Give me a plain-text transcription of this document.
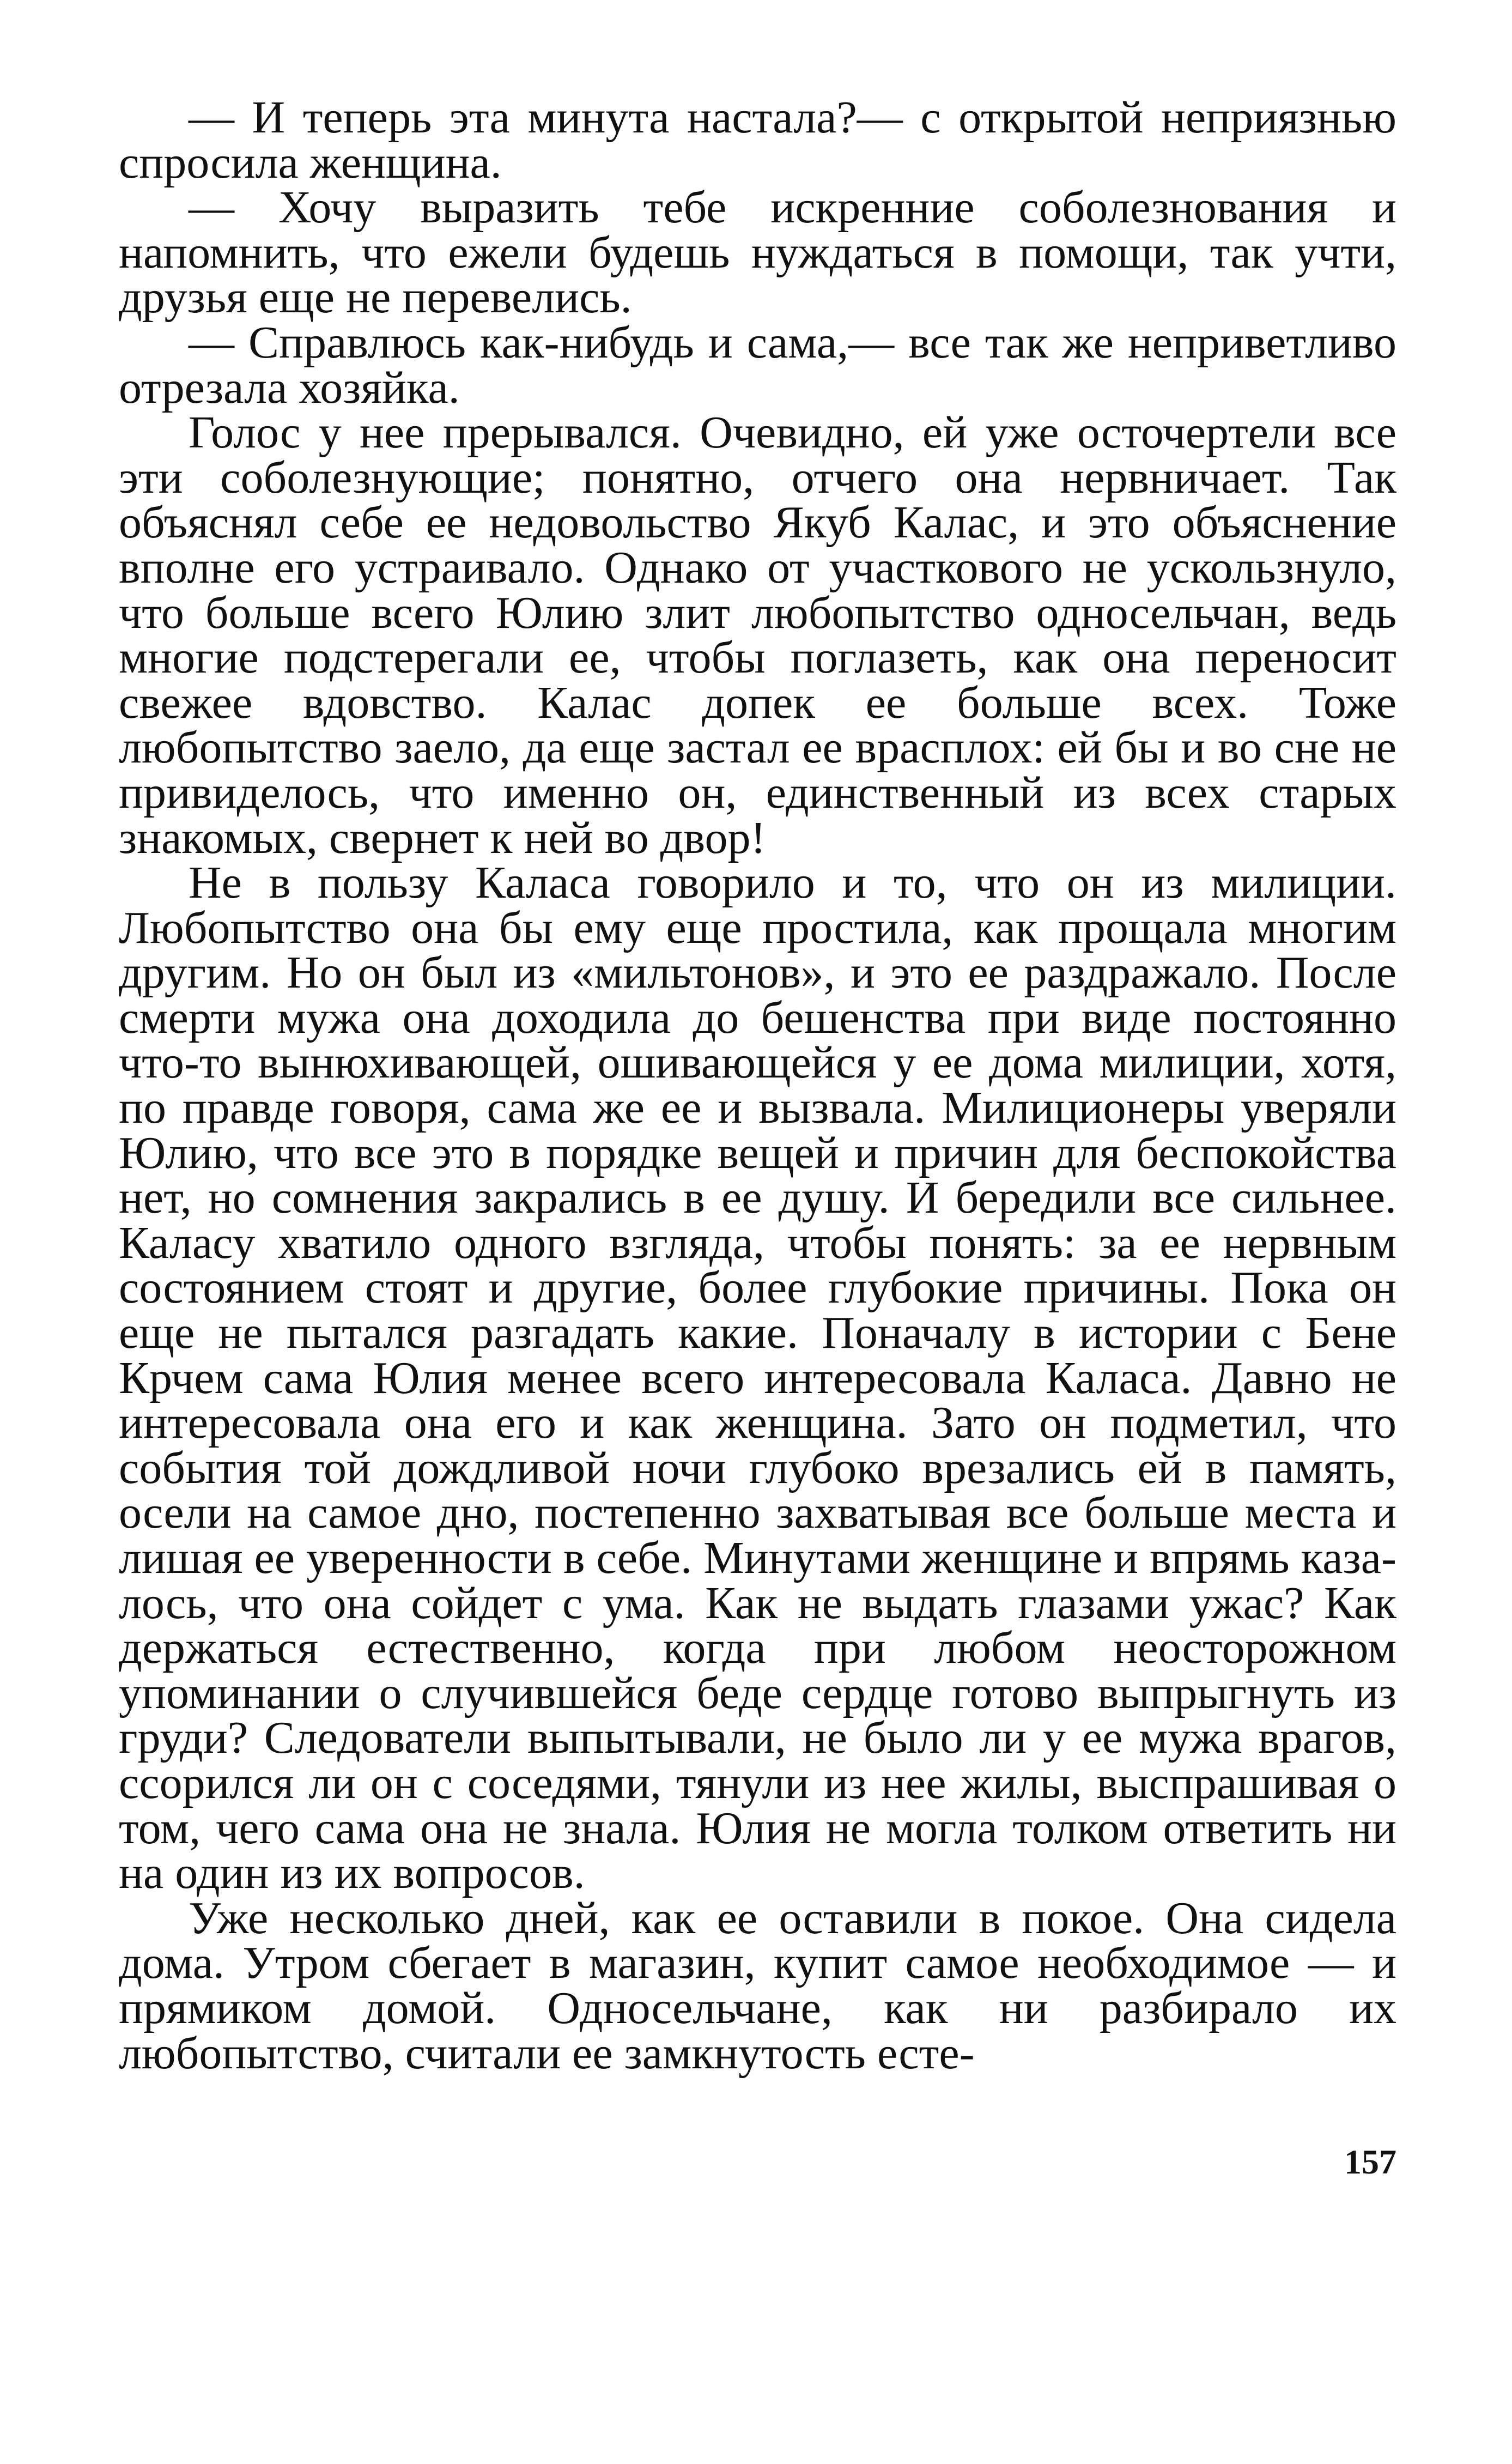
— И теперь эта минута настала?— с открытой неприязнью спросила женщина.

— Хочу выразить тебе искренние соболезнования и напомнить, что ежели будешь нуждаться в помощи, так учти, друзья еще не перевелись.

— Справлюсь как-нибудь и сама,— все так же неприветливо отрезала хозяйка.

Голос у нее прерывался. Очевидно, ей уже осточертели все эти соболезнующие; понятно, отчего она нервничает. Так объяснял себе ее недовольство Якуб Калас, и это объяснение вполне его устраивало. Однако от участкового не ускользнуло, что больше всего Юлию злит любопытство односельчан, ведь многие подстерегали ее, чтобы поглазеть, как она переносит свежее вдовство. Калас допек ее больше всех. Тоже любопытство заело, да еще застал ее врасплох: ей бы и во сне не привиделось, что именно он, единственный из всех старых знакомых, свернет к ней во двор!

Не в пользу Каласа говорило и то, что он из милиции. Любопытство она бы ему еще простила, как прощала многим другим. Но он был из «мильтонов», и это ее раздражало. После смерти мужа она доходила до бешенства при виде постоянно что-то вынюхивающей, ошивающейся у ее дома милиции, хотя, по правде говоря, сама же ее и вызвала. Милиционеры уверяли Юлию, что все это в порядке вещей и причин для беспокойства нет, но сомнения закрались в ее душу. И бередили все сильнее. Каласу хватило одного взгляда, чтобы понять: за ее нервным состоянием стоят и другие, более глубокие причины. Пока он еще не пытался разгадать какие. Поначалу в истории с Бене Крчем сама Юлия менее всего интересовала Каласа. Давно не интересовала она его и как женщина. Зато он подметил, что события той дождливой ночи глубоко врезались ей в память, осели на самое дно, постепенно захватывая все больше места и лишая ее уверенности в себе. Минутами женщине и впрямь казалось, что она сойдет с ума. Как не выдать глазами ужас? Как держаться естественно, когда при любом неосторожном упоминании о случившейся беде сердце готово выпрыгнуть из груди? Следователи выпытывали, не было ли у ее мужа врагов, ссорился ли он с соседями, тянули из нее жилы, выспрашивая о том, чего сама она не знала. Юлия не могла толком ответить ни на один из их вопросов.

Уже несколько дней, как ее оставили в покое. Она сидела дома. Утром сбегает в магазин, купит самое необходимое — и прямиком домой. Односельчане, как ни разбирало их любопытство, считали ее замкнутость есте-

157
